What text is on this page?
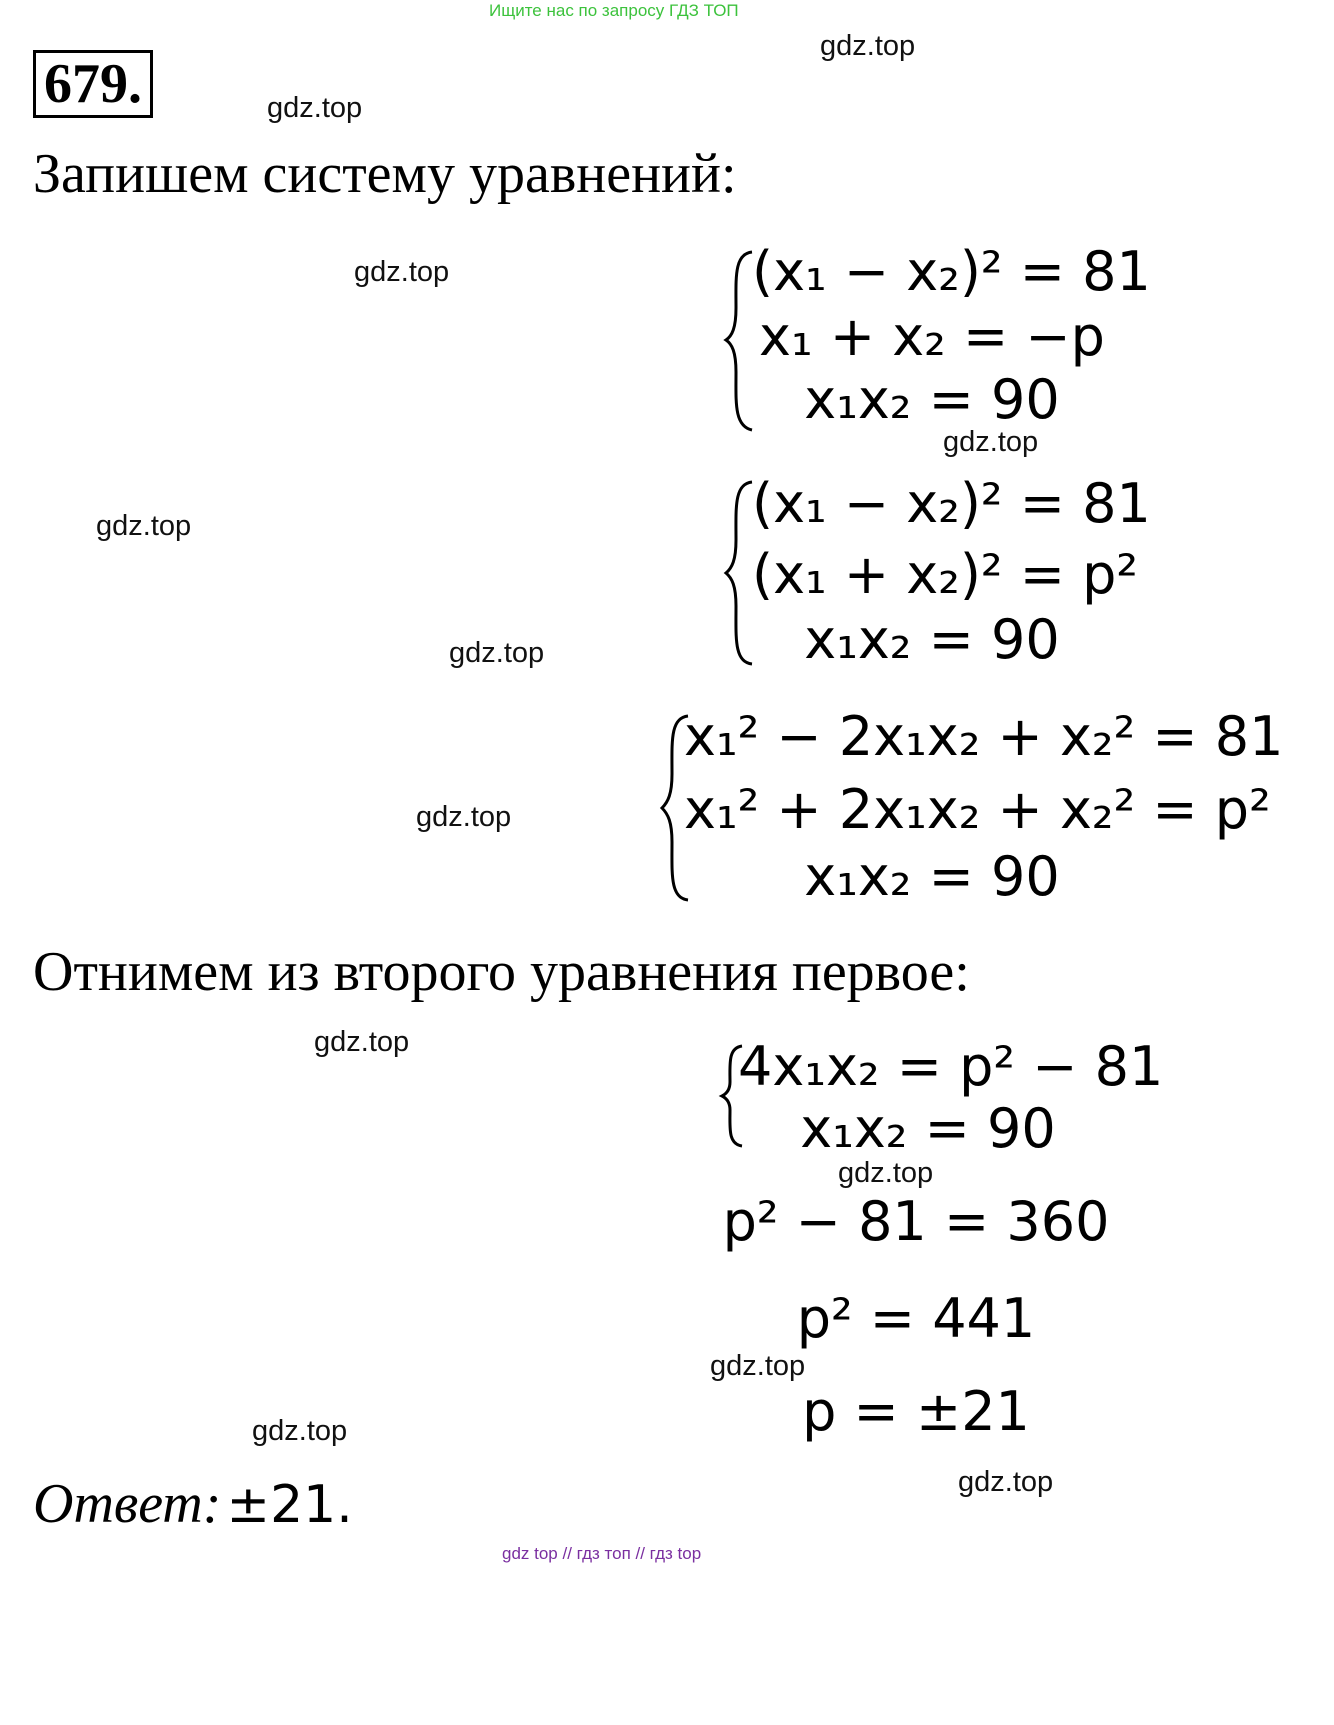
Ищите нас по запросу ГДЗ ТОП
679.
Запишем систему уравнений:
gdz.top
gdz.top
gdz.top
gdz.top
gdz.top
gdz.top
gdz.top
gdz.top
gdz.top
gdz.top
gdz.top
gdz.top
(x₁ − x₂)² = 81
x₁ + x₂ = −p
x₁x₂ = 90
(x₁ − x₂)² = 81
(x₁ + x₂)² = p²
x₁x₂ = 90
x₁² − 2x₁x₂ + x₂² = 81
x₁² + 2x₁x₂ + x₂² = p²
x₁x₂ = 90
Отнимем из второго уравнения первое:
4x₁x₂ = p² − 81
x₁x₂ = 90
p² − 81 = 360
p² = 441
p = ±21
Ответ: ±21.
gdz top // гдз топ // гдз top
